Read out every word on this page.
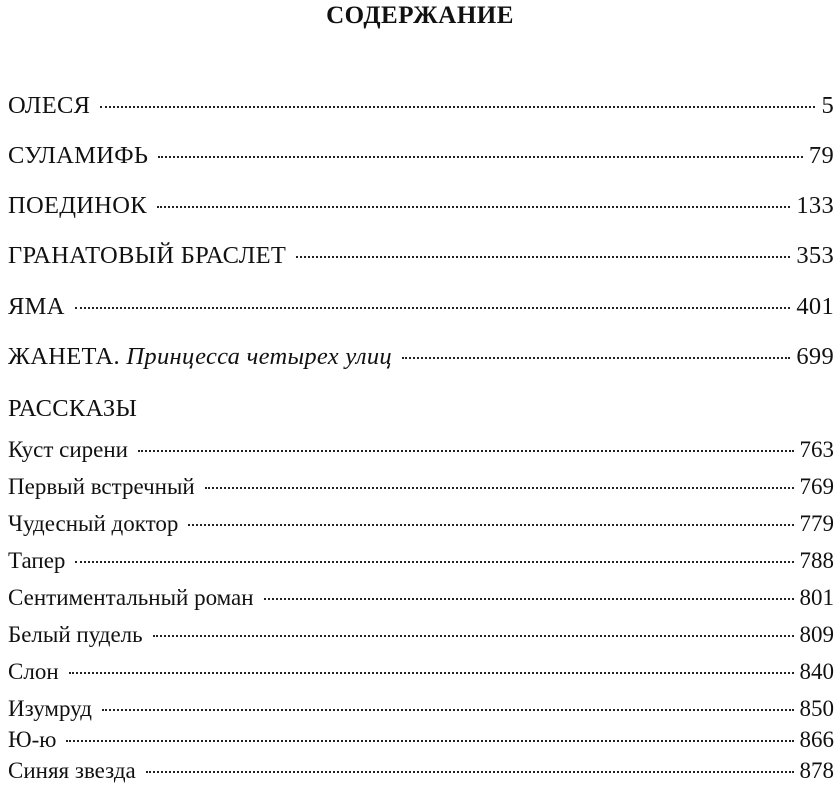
СОДЕРЖАНИЕ
ОЛЕСЯ	5
СУЛАМИФЬ	79
ПОЕДИНОК	133
ГРАНАТОВЫЙ БРАСЛЕТ	353
ЯМА	401
ЖАНЕТА. Принцесса четырех улиц	699
РАССКАЗЫ
Куст сирени	763
Первый встречный	769
Чудесный доктор	779
Тапер	788
Сентиментальный роман	801
Белый пудель	809
Слон	840
Изумруд	850
Ю-ю	866
Синяя звезда	878
